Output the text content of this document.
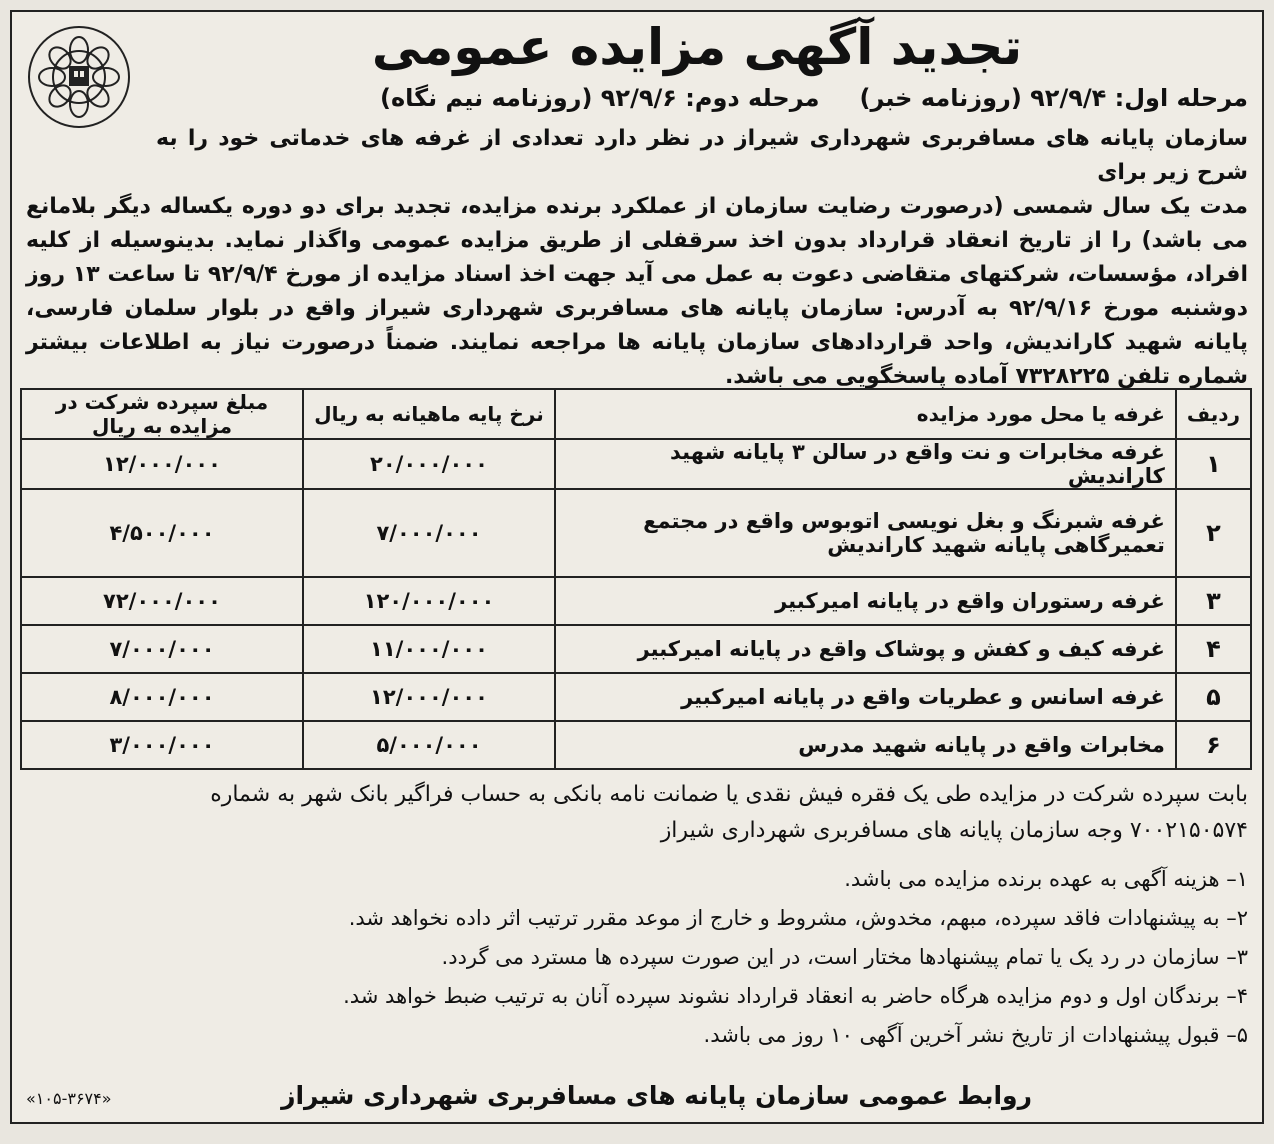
تجدید آگهی مزایده عمومی
مرحله اول: ۹۲/۹/۴ (روزنامه خبر)
مرحله دوم: ۹۲/۹/۶ (روزنامه نیم نگاه)
سازمان پایانه های مسافربری شهرداری شیراز در نظر دارد تعدادی از غرفه های خدماتی خود را به شرح زیر برای
مدت یک سال شمسی (درصورت رضایت سازمان از عملکرد برنده مزایده، تجدید برای دو دوره یکساله دیگر بلامانع می باشد) را از تاریخ انعقاد قرارداد بدون اخذ سرقفلی از طریق مزایده عمومی واگذار نماید. بدینوسیله از کلیه افراد، مؤسسات، شرکتهای متقاضی دعوت به عمل می آید جهت اخذ اسناد مزایده از مورخ ۹۲/۹/۴ تا ساعت ۱۳ روز دوشنبه مورخ ۹۲/۹/۱۶ به آدرس: سازمان پایانه های مسافربری شهرداری شیراز واقع در بلوار سلمان فارسی، پایانه شهید کاراندیش، واحد قراردادهای سازمان پایانه ها مراجعه نمایند. ضمناً درصورت نیاز به اطلاعات بیشتر شماره تلفن ۷۳۲۸۲۲۵ آماده پاسخگویی می باشد.
ردیف	غرفه یا محل مورد مزایده	نرخ پایه ماهیانه به ریال	مبلغ سپرده شرکت در مزایده به ریال
۱	غرفه مخابرات و نت واقع در سالن ۳ پایانه شهید کاراندیش	۲۰/۰۰۰/۰۰۰	۱۲/۰۰۰/۰۰۰
۲	غرفه شبرنگ و بغل نویسی اتوبوس واقع در مجتمع تعمیرگاهی پایانه شهید کاراندیش	۷/۰۰۰/۰۰۰	۴/۵۰۰/۰۰۰
۳	غرفه رستوران واقع در پایانه امیرکبیر	۱۲۰/۰۰۰/۰۰۰	۷۲/۰۰۰/۰۰۰
۴	غرفه کیف و کفش و پوشاک واقع در پایانه امیرکبیر	۱۱/۰۰۰/۰۰۰	۷/۰۰۰/۰۰۰
۵	غرفه اسانس و عطریات واقع در پایانه امیرکبیر	۱۲/۰۰۰/۰۰۰	۸/۰۰۰/۰۰۰
۶	مخابرات واقع در پایانه شهید مدرس	۵/۰۰۰/۰۰۰	۳/۰۰۰/۰۰۰
بابت سپرده شرکت در مزایده طی یک فقره فیش نقدی یا ضمانت نامه بانکی به حساب فراگیر بانک شهر به شماره
۷۰۰۲۱۵۰۵۷۴ وجه سازمان پایانه های مسافربری شهرداری شیراز
۱– هزینه آگهی به عهده برنده مزایده می باشد.
۲– به پیشنهادات فاقد سپرده، مبهم، مخدوش، مشروط و خارج از موعد مقرر ترتیب اثر داده نخواهد شد.
۳– سازمان در رد یک یا تمام پیشنهادها مختار است، در این صورت سپرده ها مسترد می گردد.
۴– برندگان اول و دوم مزایده هرگاه حاضر به انعقاد قرارداد نشوند سپرده آنان به ترتیب ضبط خواهد شد.
۵– قبول پیشنهادات از تاریخ نشر آخرین آگهی ۱۰ روز می باشد.
روابط عمومی سازمان پایانه های مسافربری شهرداری شیراز
«۱۰۵-۳۶۷۴»
